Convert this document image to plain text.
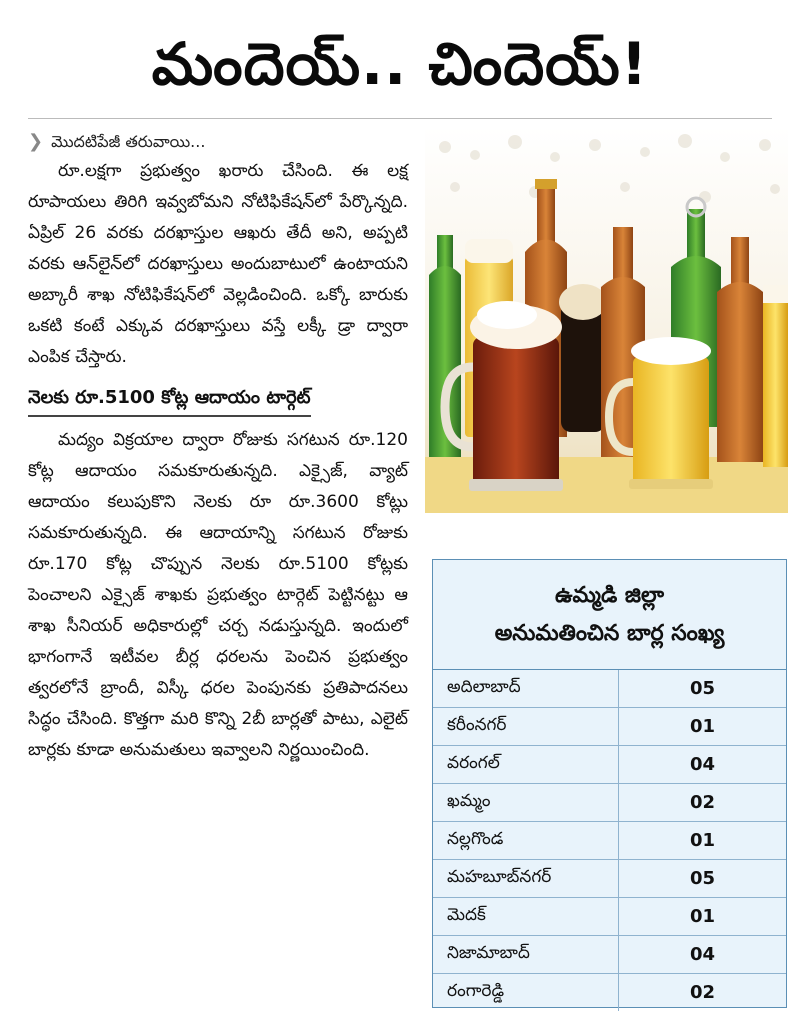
మందెయ్‌.. చిందెయ్‌!
❯ మొదటిపేజీ తరువాయి...

రూ.లక్షగా ప్రభుత్వం ఖరారు చేసింది. ఈ లక్ష రూపాయలు తిరిగి ఇవ్వబోమని నోటిఫికేషన్‌లో పేర్కొన్నది. ఏప్రిల్‌ 26 వరకు దరఖాస్తుల ఆఖరు తేదీ అని, అప్పటి వరకు ఆన్‌లైన్‌లో దరఖాస్తులు అందుబాటులో ఉంటాయని అబ్కారీ శాఖ నోటిఫికేషన్‌లో వెల్లడించింది. ఒక్కో బారుకు ఒకటి కంటే ఎక్కువ దరఖాస్తులు వస్తే లక్కీ డ్రా ద్వారా ఎంపిక చేస్తారు.

నెలకు రూ.5100 కోట్ల ఆదాయం టార్గెట్‌

మద్యం విక్రయాల ద్వారా రోజుకు సగటున రూ.120 కోట్ల ఆదాయం సమకూరుతున్నది. ఎక్సైజ్‌, వ్యాట్‌ ఆదాయం కలుపుకొని నెలకు రూ రూ.3600 కోట్లు సమకూరుతున్నది. ఈ ఆదాయాన్ని సగటున రోజుకు రూ.170 కోట్ల చొప్పున నెలకు రూ.5100 కోట్లకు పెంచాలని ఎక్సైజ్‌ శాఖకు ప్రభుత్వం టార్గెట్‌ పెట్టినట్టు ఆ శాఖ సీనియర్‌ అధికారుల్లో చర్చ నడుస్తున్నది. ఇందులో భాగంగానే ఇటీవల బీర్ల ధరలను పెంచిన ప్రభుత్వం త్వరలోనే బ్రాందీ, విస్కీ ధరల పెంపునకు ప్రతిపాదనలు సిద్ధం చేసింది. కొత్తగా మరి కొన్ని 2బీ బార్లతో పాటు, ఎలైట్‌ బార్లకు కూడా అనుమతులు ఇవ్వాలని నిర్ణయించింది.

ఉమ్మడి జిల్లా
అనుమతించిన బార్ల సంఖ్య
అదిలాబాద్‌	05
కరీంనగర్‌	01
వరంగల్‌	04
ఖమ్మం	02
నల్లగొండ	01
మహబూబ్‌నగర్‌	05
మెదక్‌	01
నిజామాబాద్‌	04
రంగారెడ్డి	02
